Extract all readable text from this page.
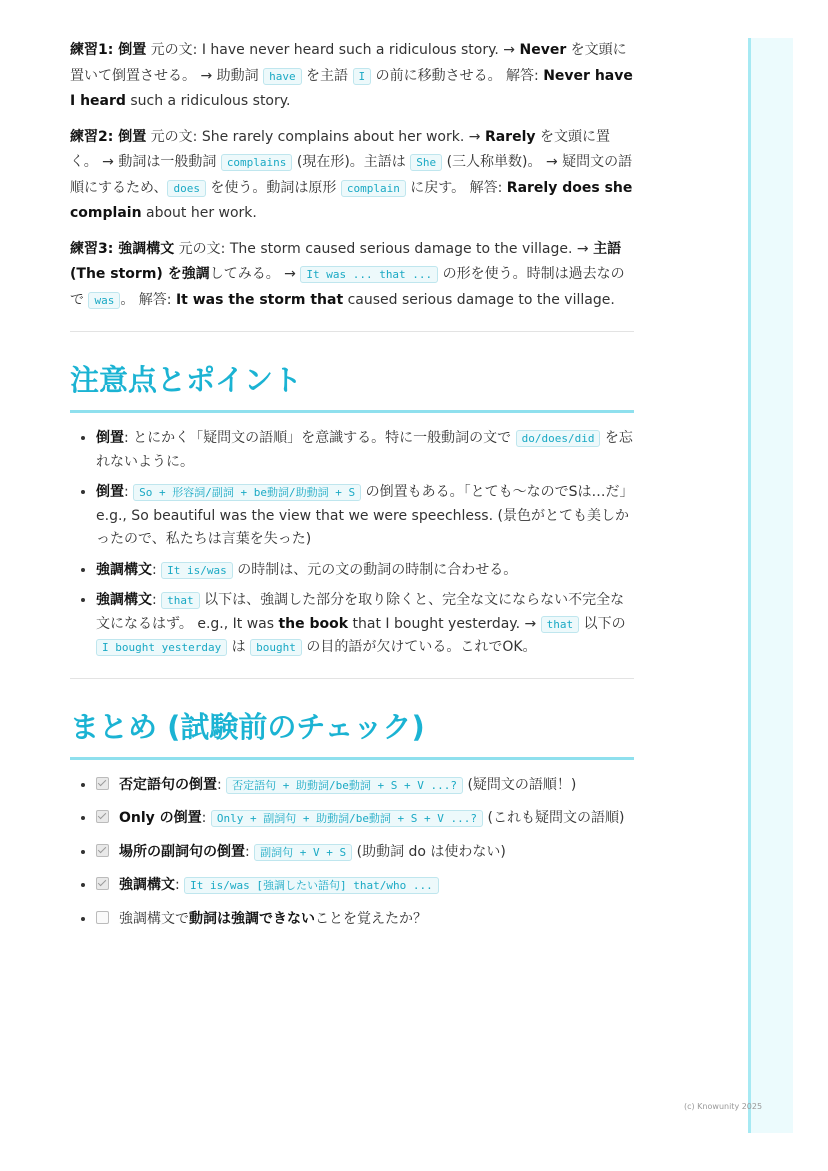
練習1: 倒置 元の文: I have never heard such a ridiculous story. → Never を文頭に置いて倒置させる。 → 助動詞 have を主語 I の前に移動させる。 解答: Never have I heard such a ridiculous story.

練習2: 倒置 元の文: She rarely complains about her work. → Rarely を文頭に置く。 → 動詞は一般動詞 complains (現在形)。主語は She (三人称単数)。 → 疑問文の語順にするため、 does を使う。動詞は原形 complain に戻す。 解答: Rarely does she complain about her work.

練習3: 強調構文 元の文: The storm caused serious damage to the village. → 主語 (The storm) を強調してみる。 → It was ... that ... の形を使う。時制は過去なので was 。 解答: It was the storm that caused serious damage to the village.

注意点とポイント
• 倒置: とにかく「疑問文の語順」を意識する。特に一般動詞の文で do/does/did を忘れないように。
• 倒置: So + 形容詞/副詞 + be動詞/助動詞 + S の倒置もある。「とても〜なのでSは…だ」 e.g., So beautiful was the view that we were speechless. (景色がとても美しかったので、私たちは言葉を失った)
• 強調構文: It is/was の時制は、元の文の動詞の時制に合わせる。
• 強調構文: that 以下は、強調した部分を取り除くと、完全な文にならない不完全な文になるはず。 e.g., It was the book that I bought yesterday. → that 以下の I bought yesterday は bought の目的語が欠けている。これでOK。
まとめ (試験前のチェック)
• 否定語句の倒置: 否定語句 + 助動詞/be動詞 + S + V ...? (疑問文の語順！)
• Only の倒置: Only + 副詞句 + 助動詞/be動詞 + S + V ...? (これも疑問文の語順)
• 場所の副詞句の倒置: 副詞句 + V + S (助動詞 do は使わない)
• 強調構文: It is/was [強調したい語句] that/who ...
• 強調構文で動詞は強調できないことを覚えたか？
(c) Knowunity 2025
